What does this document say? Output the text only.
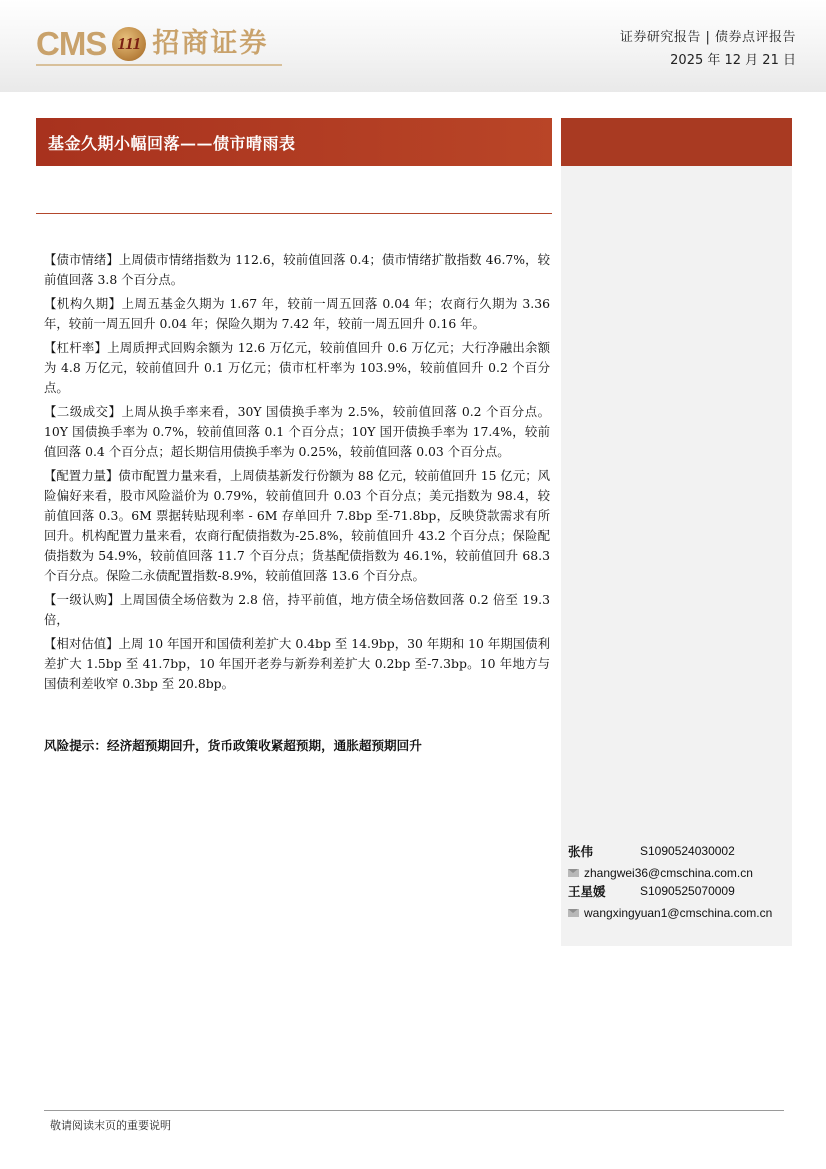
CMS 111 招商证券	证券研究报告 | 债券点评报告
2025 年 12 月 21 日
基金久期小幅回落——债市晴雨表

【债市情绪】上周债市情绪指数为 112.6，较前值回落 0.4；债市情绪扩散指数 46.7%，较前值回落 3.8 个百分点。

【机构久期】上周五基金久期为 1.67 年，较前一周五回落 0.04 年；农商行久期为 3.36 年，较前一周五回升 0.04 年；保险久期为 7.42 年，较前一周五回升 0.16 年。

【杠杆率】上周质押式回购余额为 12.6 万亿元，较前值回升 0.6 万亿元；大行净融出余额为 4.8 万亿元，较前值回升 0.1 万亿元；债市杠杆率为 103.9%，较前值回升 0.2 个百分点。

【二级成交】上周从换手率来看，30Y 国债换手率为 2.5%，较前值回落 0.2 个百分点。10Y 国债换手率为 0.7%，较前值回落 0.1 个百分点；10Y 国开债换手率为 17.4%，较前值回落 0.4 个百分点；超长期信用债换手率为 0.25%，较前值回落 0.03 个百分点。

【配置力量】债市配置力量来看，上周债基新发行份额为 88 亿元，较前值回升 15 亿元；风险偏好来看，股市风险溢价为 0.79%，较前值回升 0.03 个百分点；美元指数为 98.4，较前值回落 0.3。6M 票据转贴现利率 - 6M 存单回升 7.8bp 至-71.8bp，反映贷款需求有所回升。机构配置力量来看，农商行配债指数为-25.8%，较前值回升 43.2 个百分点；保险配债指数为 54.9%，较前值回落 11.7 个百分点；货基配债指数为 46.1%，较前值回升 68.3 个百分点。保险二永债配置指数-8.9%，较前值回落 13.6 个百分点。

【一级认购】上周国债全场倍数为 2.8 倍，持平前值，地方债全场倍数回落 0.2 倍至 19.3 倍，

【相对估值】上周 10 年国开和国债利差扩大 0.4bp 至 14.9bp，30 年期和 10 年期国债利差扩大 1.5bp 至 41.7bp，10 年国开老券与新券利差扩大 0.2bp 至-7.3bp。10 年地方与国债利差收窄 0.3bp 至 20.8bp。

风险提示：经济超预期回升，货币政策收紧超预期，通胀超预期回升
张伟	S1090524030002
zhangwei36@cmschina.com.cn
王星媛	S1090525070009
wangxingyuan1@cmschina.com.cn
敬请阅读末页的重要说明
